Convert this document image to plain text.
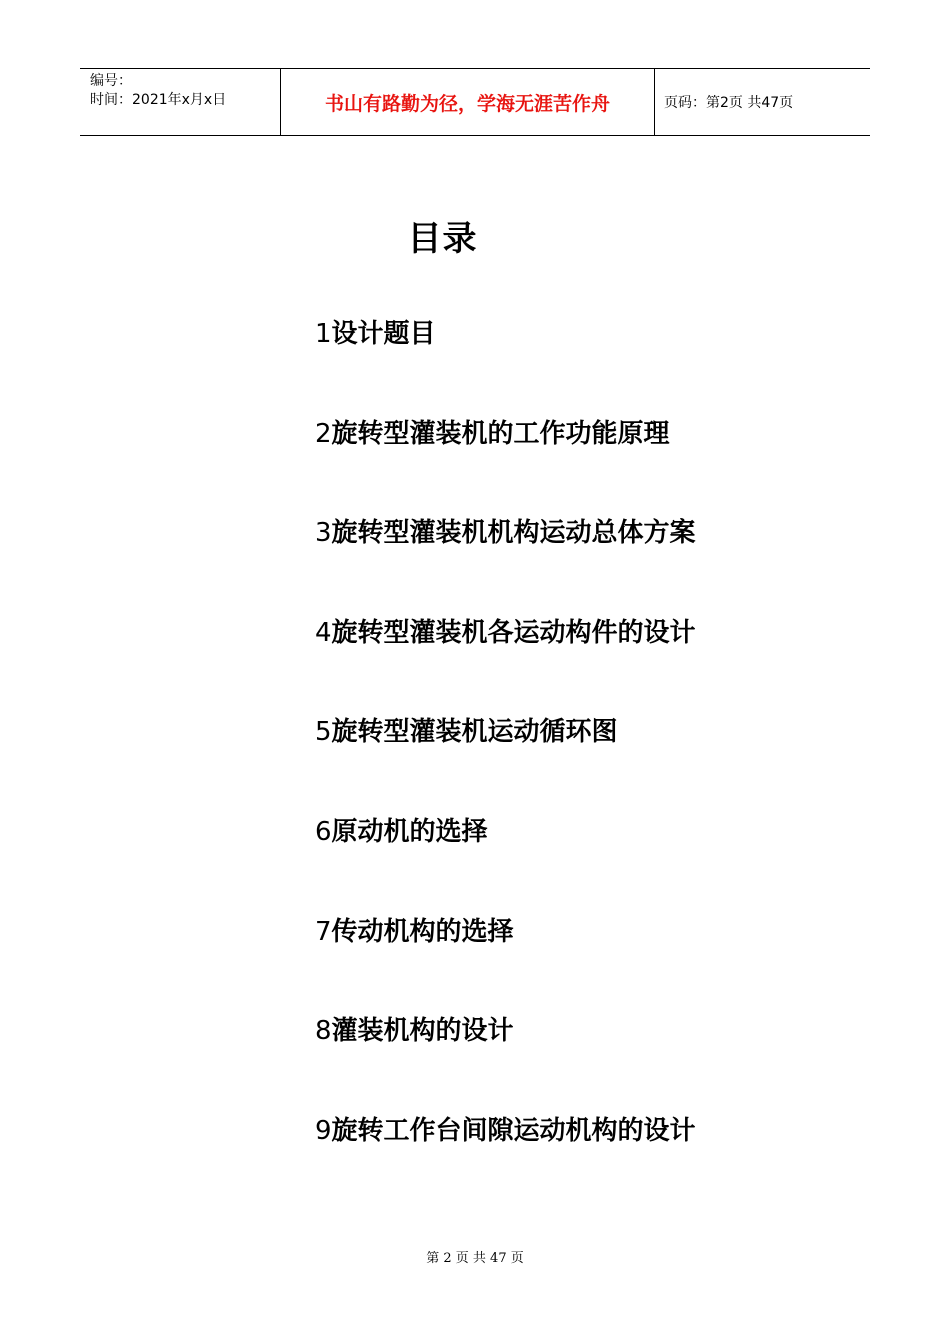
编号：
时间：2021年x月x日	书山有路勤为径，学海无涯苦作舟	页码：第2页 共47页
目录
1设计题目
2旋转型灌装机的工作功能原理
3旋转型灌装机机构运动总体方案
4旋转型灌装机各运动构件的设计
5旋转型灌装机运动循环图
6原动机的选择
7传动机构的选择
8灌装机构的设计
9旋转工作台间隙运动机构的设计
第 2 页 共 47 页
